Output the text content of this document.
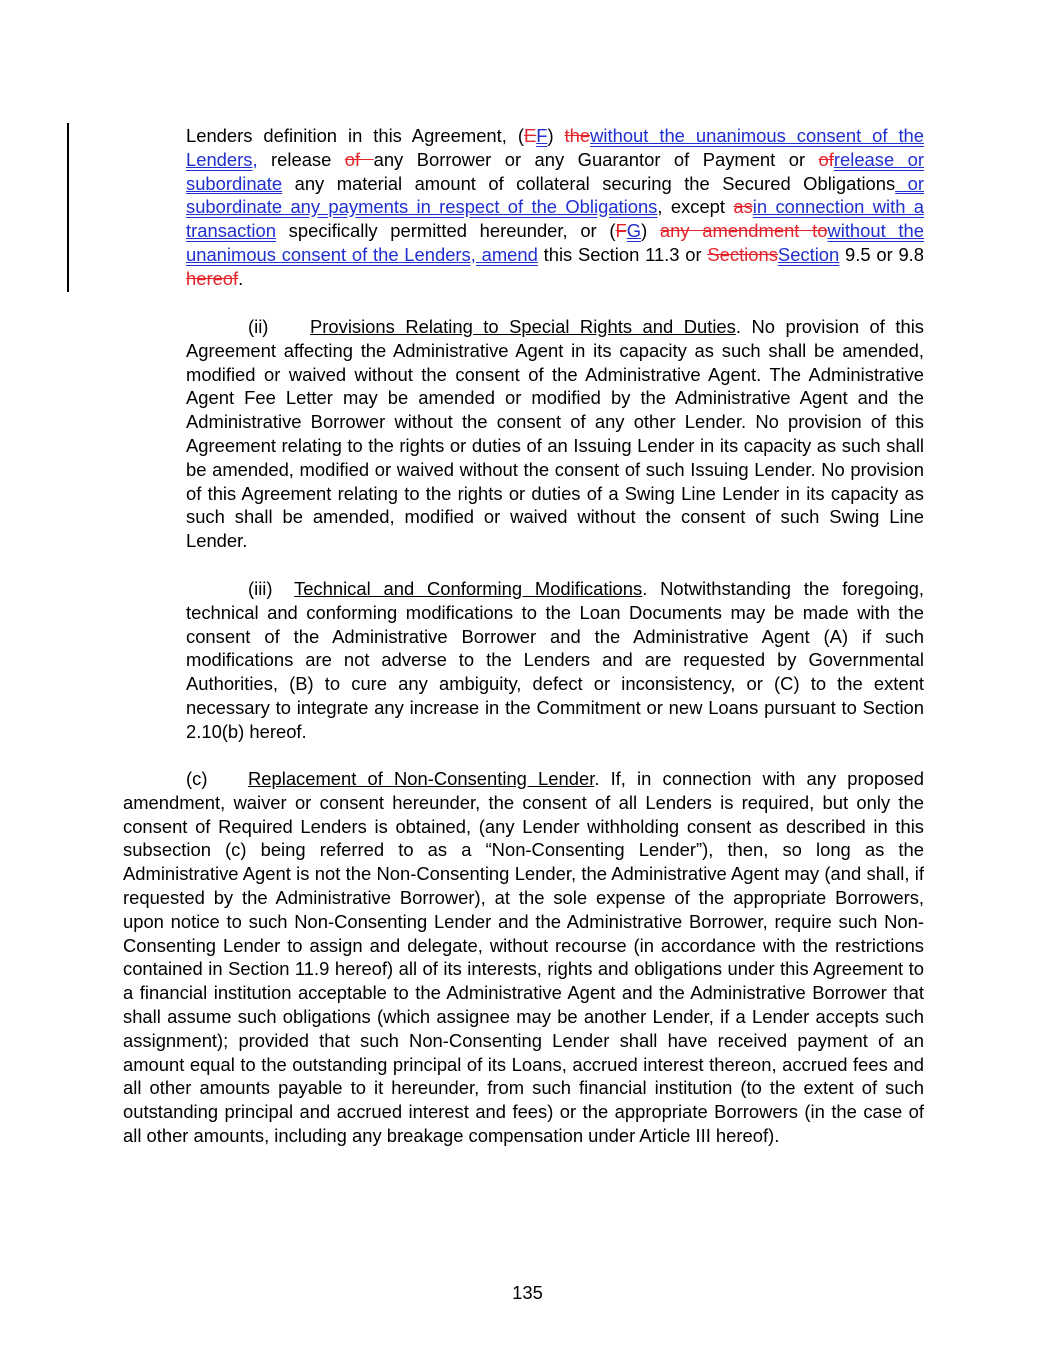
Lenders definition in this Agreement, (EF) thewithout the unanimous consent of the Lenders, release of any Borrower or any Guarantor of Payment or ofrelease or subordinate any material amount of collateral securing the Secured Obligations or subordinate any payments in respect of the Obligations, except asin connection with a transaction specifically permitted hereunder, or (FG) any amendment towithout the unanimous consent of the Lenders, amend this Section 11.3 or SectionsSection 9.5 or 9.8 hereof.
(ii) Provisions Relating to Special Rights and Duties. No provision of this Agreement affecting the Administrative Agent in its capacity as such shall be amended, modified or waived without the consent of the Administrative Agent. The Administrative Agent Fee Letter may be amended or modified by the Administrative Agent and the Administrative Borrower without the consent of any other Lender. No provision of this Agreement relating to the rights or duties of an Issuing Lender in its capacity as such shall be amended, modified or waived without the consent of such Issuing Lender. No provision of this Agreement relating to the rights or duties of a Swing Line Lender in its capacity as such shall be amended, modified or waived without the consent of such Swing Line Lender.
(iii) Technical and Conforming Modifications. Notwithstanding the foregoing, technical and conforming modifications to the Loan Documents may be made with the consent of the Administrative Borrower and the Administrative Agent (A) if such modifications are not adverse to the Lenders and are requested by Governmental Authorities, (B) to cure any ambiguity, defect or inconsistency, or (C) to the extent necessary to integrate any increase in the Commitment or new Loans pursuant to Section 2.10(b) hereof.
(c) Replacement of Non-Consenting Lender. If, in connection with any proposed amendment, waiver or consent hereunder, the consent of all Lenders is required, but only the consent of Required Lenders is obtained, (any Lender withholding consent as described in this subsection (c) being referred to as a “Non-Consenting Lender”), then, so long as the Administrative Agent is not the Non-Consenting Lender, the Administrative Agent may (and shall, if requested by the Administrative Borrower), at the sole expense of the appropriate Borrowers, upon notice to such Non-Consenting Lender and the Administrative Borrower, require such Non-Consenting Lender to assign and delegate, without recourse (in accordance with the restrictions contained in Section 11.9 hereof) all of its interests, rights and obligations under this Agreement to a financial institution acceptable to the Administrative Agent and the Administrative Borrower that shall assume such obligations (which assignee may be another Lender, if a Lender accepts such assignment); provided that such Non-Consenting Lender shall have received payment of an amount equal to the outstanding principal of its Loans, accrued interest thereon, accrued fees and all other amounts payable to it hereunder, from such financial institution (to the extent of such outstanding principal and accrued interest and fees) or the appropriate Borrowers (in the case of all other amounts, including any breakage compensation under Article III hereof).
135
